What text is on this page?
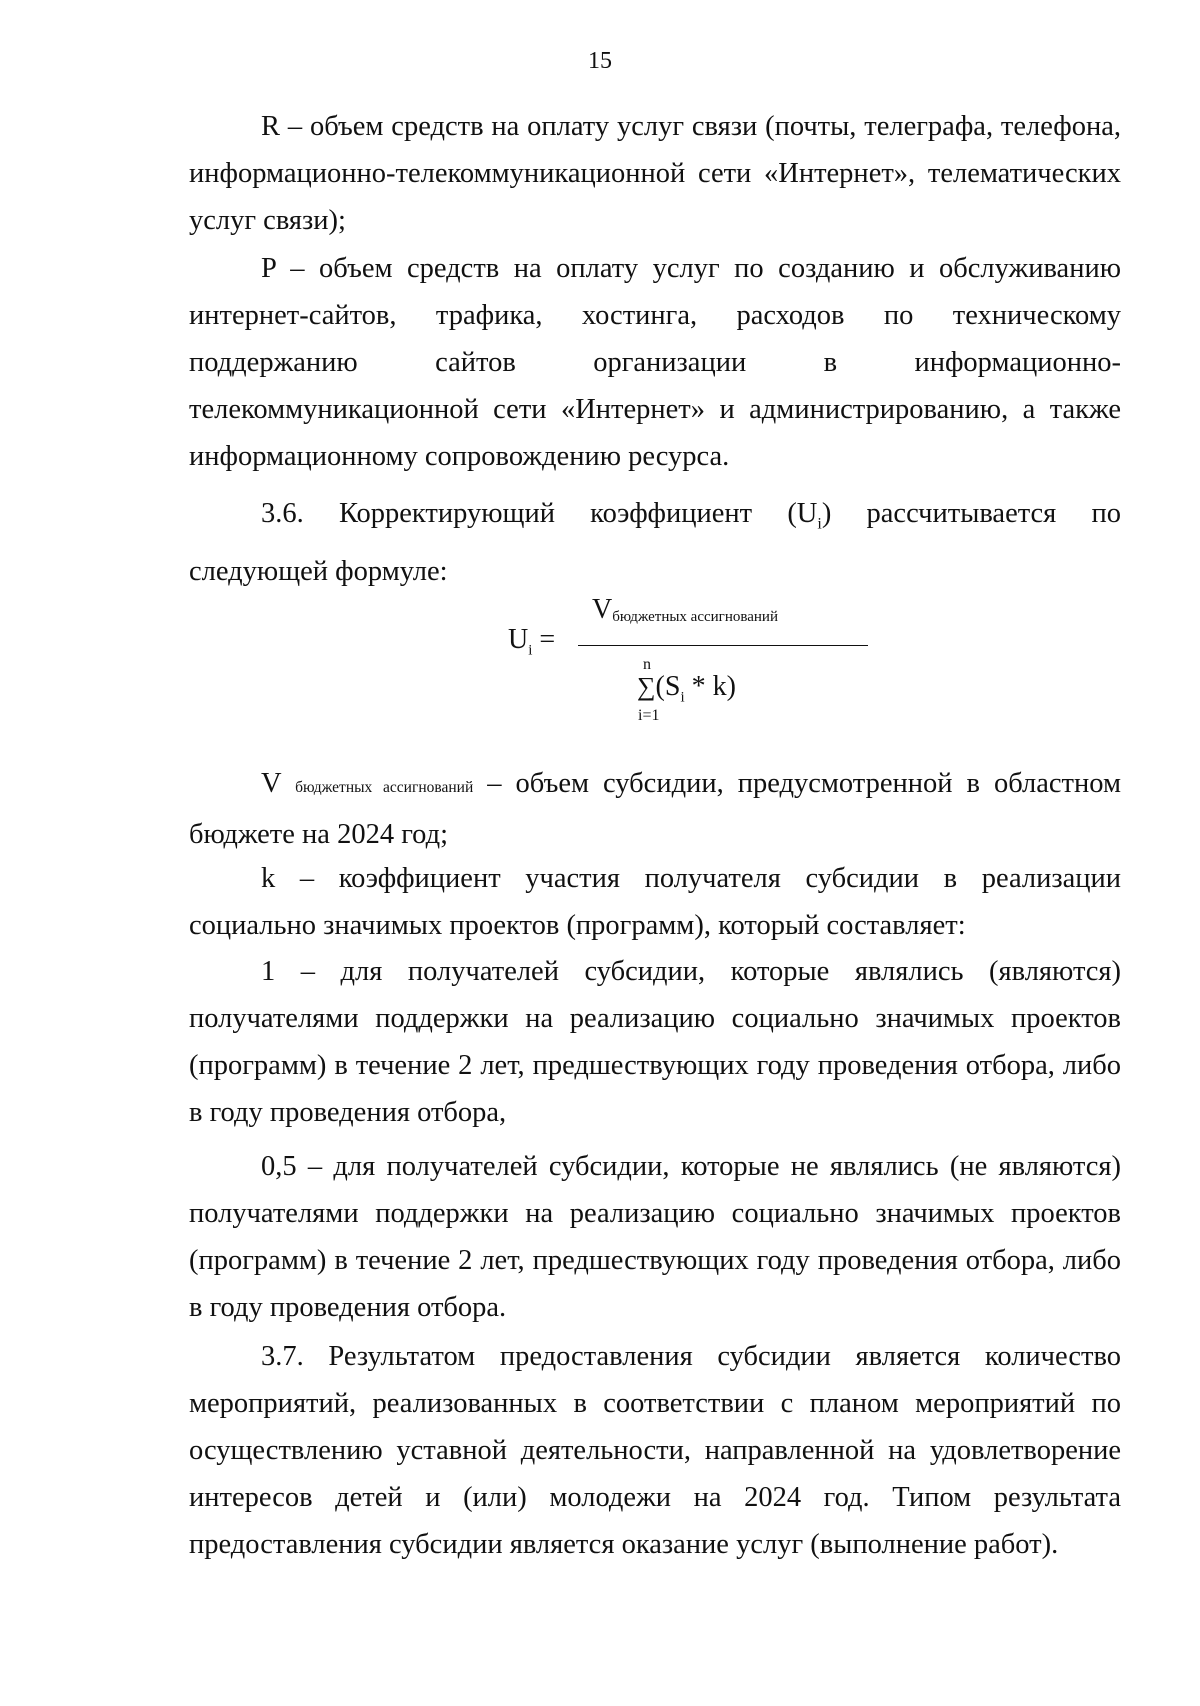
15

R – объем средств на оплату услуг связи (почты, телеграфа, телефона, информационно-телекоммуникационной сети «Интернет», телематических услуг связи);

P – объем средств на оплату услуг по созданию и обслуживанию интернет-сайтов, трафика, хостинга, расходов по техническому поддержанию сайтов организации в информационно-телекоммуникационной сети «Интернет» и администрированию, а также информационному сопровождению ресурса.

3.6. Корректирующий коэффициент $(U_i)$ рассчитывается по следующей формуле:

$U_i$ =
$V_{бюджетных ассигнований}$
n
$\sum(S_i * k)$
i=1

V бюджетных ассигнований – объем субсидии, предусмотренной в областном бюджете на 2024 год;

k – коэффициент участия получателя субсидии в реализации социально значимых проектов (программ), который составляет:

1 – для получателей субсидии, которые являлись (являются) получателями поддержки на реализацию социально значимых проектов (программ) в течение 2 лет, предшествующих году проведения отбора, либо в году проведения отбора,

0,5 – для получателей субсидии, которые не являлись (не являются) получателями поддержки на реализацию социально значимых проектов (программ) в течение 2 лет, предшествующих году проведения отбора, либо в году проведения отбора.

3.7. Результатом предоставления субсидии является количество мероприятий, реализованных в соответствии с планом мероприятий по осуществлению уставной деятельности, направленной на удовлетворение интересов детей и (или) молодежи на 2024 год. Типом результата предоставления субсидии является оказание услуг (выполнение работ).
